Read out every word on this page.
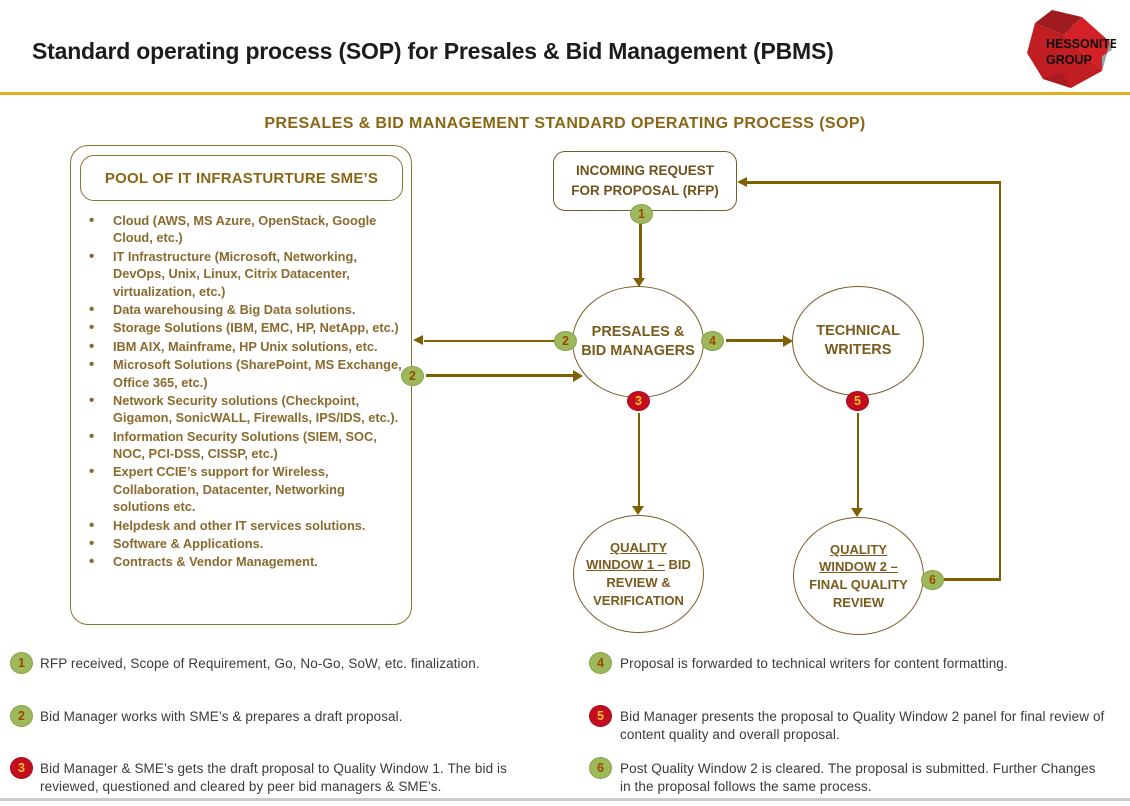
Standard operating process (SOP) for Presales & Bid Management (PBMS)	HESSONITE
GROUP
PRESALES & BID MANAGEMENT STANDARD OPERATING PROCESS (SOP)
POOL OF IT INFRASTURTURE SME’S
• Cloud (AWS, MS Azure, OpenStack, Google Cloud, etc.)
• IT Infrastructure (Microsoft, Networking, DevOps, Unix, Linux, Citrix Datacenter, virtualization, etc.)
• Data warehousing & Big Data solutions.
• Storage Solutions (IBM, EMC, HP, NetApp, etc.)
• IBM AIX, Mainframe, HP Unix solutions, etc.
• Microsoft Solutions (SharePoint, MS Exchange, Office 365, etc.)
• Network Security solutions (Checkpoint, Gigamon, SonicWALL, Firewalls, IPS/IDS, etc.).
• Information Security Solutions (SIEM, SOC, NOC, PCI-DSS, CISSP, etc.)
• Expert CCIE’s support for Wireless, Collaboration, Datacenter, Networking solutions etc.
• Helpdesk and other IT services solutions.
• Software & Applications.
• Contracts & Vendor Management.
INCOMING REQUEST FOR PROPOSAL (RFP)
PRESALES & BID MANAGERS
TECHNICAL WRITERS
QUALITY WINDOW 1 – BID REVIEW & VERIFICATION
QUALITY WINDOW 2 – FINAL QUALITY REVIEW
1
2
2
3
4
5
6
1	RFP received, Scope of Requirement, Go, No-Go, SoW, etc. finalization.
2	Bid Manager works with SME’s & prepares a draft proposal.
3	Bid Manager & SME’s gets the draft proposal to Quality Window 1. The bid is reviewed, questioned and cleared by peer bid managers & SME’s.
4	Proposal is forwarded to technical writers for content formatting.
5	Bid Manager presents the proposal to Quality Window 2 panel for final review of content quality and overall proposal.
6	Post Quality Window 2 is cleared. The proposal is submitted. Further Changes in the proposal follows the same process.
